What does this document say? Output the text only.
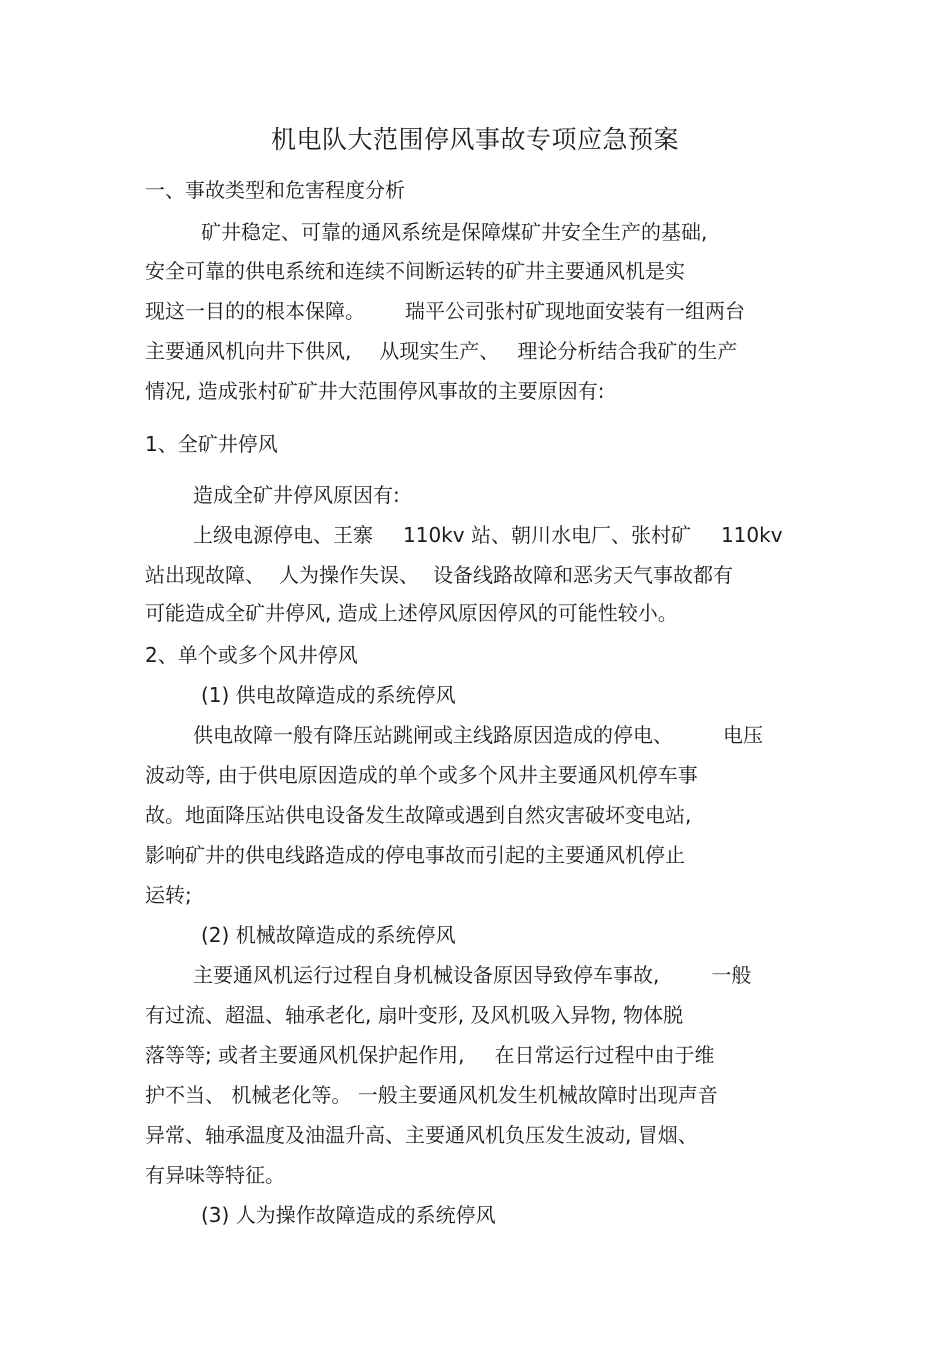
机电队大范围停风事故专项应急预案
一、事故类型和危害程度分析
矿井稳定、可靠的通风系统是保障煤矿井安全生产的基础,
安全可靠的供电系统和连续不间断运转的矿井主要通风机是实
现这一目的的根本保障。 瑞平公司张村矿现地面安装有一组两台
主要通风机向井下供风, 从现实生产、 理论分析结合我矿的生产
情况, 造成张村矿矿井大范围停风事故的主要原因有:
1、全矿井停风
造成全矿井停风原因有:
上级电源停电、王寨 110kv 站、朝川水电厂、张村矿 110kv
站出现故障、 人为操作失误、 设备线路故障和恶劣天气事故都有
可能造成全矿井停风, 造成上述停风原因停风的可能性较小。
2、单个或多个风井停风
(1) 供电故障造成的系统停风
供电故障一般有降压站跳闸或主线路原因造成的停电、	电压
波动等, 由于供电原因造成的单个或多个风井主要通风机停车事
故。地面降压站供电设备发生故障或遇到自然灾害破坏变电站,
影响矿井的供电线路造成的停电事故而引起的主要通风机停止
运转;
(2) 机械故障造成的系统停风
主要通风机运行过程自身机械设备原因导致停车事故,	一般
有过流、超温、轴承老化, 扇叶变形, 及风机吸入异物, 物体脱
落等等; 或者主要通风机保护起作用, 在日常运行过程中由于维
护不当、 机械老化等。 一般主要通风机发生机械故障时出现声音
异常、轴承温度及油温升高、主要通风机负压发生波动, 冒烟、
有异味等特征。
(3) 人为操作故障造成的系统停风
